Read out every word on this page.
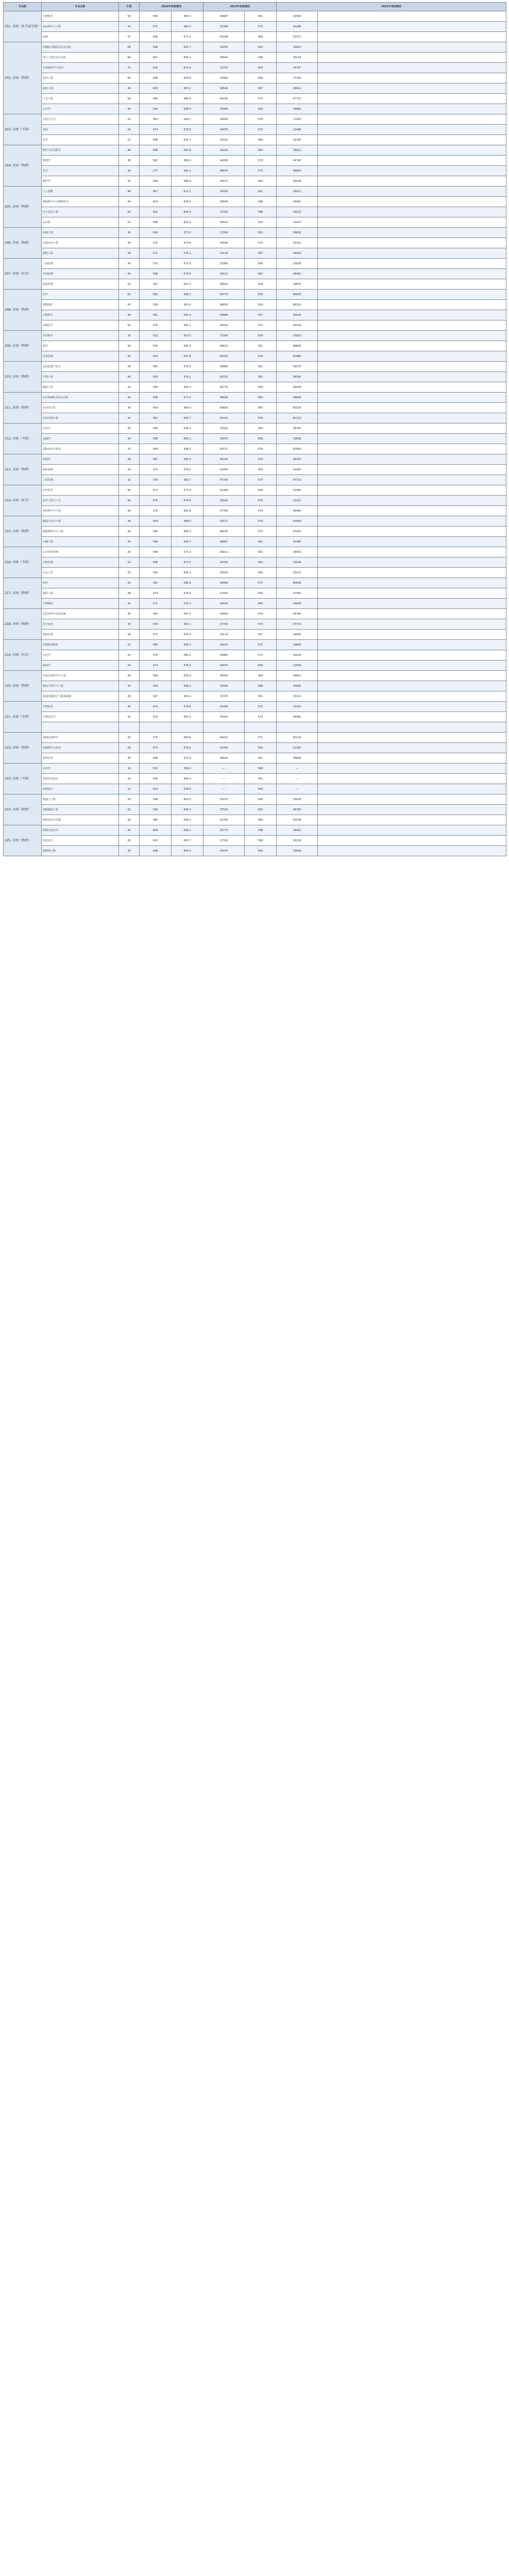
专业组	专业名称	计划	2024年录取情况		2023年录取情况		2022年录取情况	
201, 河南（化学或生物）	生物科学	56	585	590.3	40887	581	41580	
	食品科学与工程	34	572	580.0	52368	570	50296	
	园林	37	566	573.3	55108	568	53372	
202, 河南（物理）	机械设计制造及其自动化	68	598	602.7	30265	592	32810	
	电气工程及其自动化	66	601	605.1	28044	596	30118	
	计算机科学与技术	72	610	614.4	22315	604	24707	
	软件工程	60	606	609.8	24982	599	27356	
	通信工程	40	603	607.2	26540	597	28921	
	土木工程	58	580	586.6	46230	573	47715	
	会计学	44	594	599.0	33580	589	34882	
203, 河南（不限）	汉语言文学	30	583	589.1	16605	578	17002	
	英语	26	574	579.3	20476	570	21088	
	法学	22	586	591.7	15312	580	16180	
204, 河南（物理）	数学与应用数学	46	588	592.6	39216	584	39911	
	物理学	38	582	586.9	44006	578	44790	
	化学	36	577	582.2	48470	573	48803	
	统计学	32	584	589.4	42571	580	43108	
205, 河南（物理）	人工智能	48	607	611.2	24105	601	26011	
	数据科学与大数据技术	44	603	606.5	26590	598	28402	
	电子信息工程	56	602	605.9	27320	596	29115	
	自动化	52	598	602.4	30510	593	31972	
206, 河南（物理）	环境工程	36	568	573.5	57266	565	56830	
	水利水电工程	40	575	579.8	50540	570	51021	
	测绘工程	28	572	576.1	53170	567	54005	
207, 河南（历史）	工商管理	34	570	575.0	23360	566	23918	
	市场营销	30	566	570.6	26011	562	26402	
	旅游管理	24	562	567.3	28816	559	28870	
208, 河南（物理）	农学	62	560	566.2	64770	556	64505	
	植物保护	42	558	563.4	66830	554	66310	
	动物科学	46	561	565.9	63980	557	63625	
	动物医学	50	576	581.1	49310	571	50130	
209, 河南（物理）	草业科学	26	552	557.0	72390	549	70910	
	林学	34	555	560.4	69610	551	68800	
	风景园林	30	563	567.8	62410	559	61880	
210, 河南（物理）	食品质量与安全	38	565	570.6	59860	561	59370	
	生物工程	40	569	574.1	56310	565	56090	
	酿酒工程	24	560	564.3	64770	556	64506	
211, 河南（物理）	农业机械化及其自动化	44	566	571.5	58920	562	58600	
	农业电气化	36	564	569.0	60600	560	60150	
	农业水利工程	34	562	566.7	62410	558	62210	
212, 河南（不限）	经济学	36	590	594.2	37520	585	38790	
	金融学	34	596	600.1	32470	590	33930	
	国际经济与贸易	30	584	588.3	42571	579	43900	
213, 河南（物理）	建筑学	28	581	585.5	45100	576	46320	
	城乡规划	24	574	578.2	51450	569	51900	
	工程管理	32	578	582.7	47760	573	47715	
214, 河南（化学）	应用化学	40	573	577.9	52368	569	51900	
	化学工程与工艺	44	575	579.6	50540	570	51021	
	材料科学与工程	46	578	582.8	47760	574	46990	
215, 河南（物理）	能源与动力工程	38	584	588.0	42571	579	43900	
	新能源科学与工程	34	580	584.3	46230	575	47410	
	车辆工程	40	586	590.2	40887	581	41580	
216, 河南（不限）	公共事业管理	26	566	571.0	26011	562	26402	
	行政管理	24	568	572.6	24765	563	25540	
	社会工作	20	560	564.2	30550	556	30110	
217, 河南（物理）	药学	42	582	586.6	44006	577	45640	
	制药工程	38	574	578.4	51450	569	51900	
	生物制药	32	571	575.7	54030	566	54500	
218, 河南（物理）	信息管理与信息系统	36	583	587.0	43460	578	44790	
	电子商务	30	578	582.1	47760	573	47715	
	物流管理	28	572	576.4	53170	567	54005	
219, 河南（历史）	思想政治教育	22	580	584.1	18230	575	18800	
	历史学	20	576	580.2	19960	571	20420	
	新闻学	24	574	578.3	20476	569	21600	
220, 河南（物理）	光电信息科学与工程	34	589	593.0	38350	584	39911	
	微电子科学与工程	30	594	598.2	33580	588	35690	
	集成电路设计与集成系统	28	597	601.4	31370	591	33110	
221, 河南（生物）	生物技术	40	574	578.8	51450	570	51021	
	生物信息学	26	579	583.5	47010	574	46990	

222, 河南（物理）	地理信息科学	30	576	580.6	49310	571	50130	
	遥感科学与技术	28	574	578.0	51450	569	51900	
	智慧农业	36	566	570.9	58920	562	58600	
223, 河南（不限）	美术学	18	552	556.0	—	548	—	
	视觉传达设计	20	556	560.3	—	551	—	
	环境设计	22	554	558.6	—	549	—	
224, 河南（物理）	机器人工程	34	596	600.0	32470	590	33930	
	智能制造工程	32	590	594.3	37520	585	38790	
	测控技术与仪器	30	585	589.2	41740	580	43108	
225, 河南（物理）	网络空间安全	30	604	608.1	25770	598	28402	
	信息安全	28	602	605.7	27320	596	30118	
	物联网工程	36	596	600.4	32470	590	33930	
